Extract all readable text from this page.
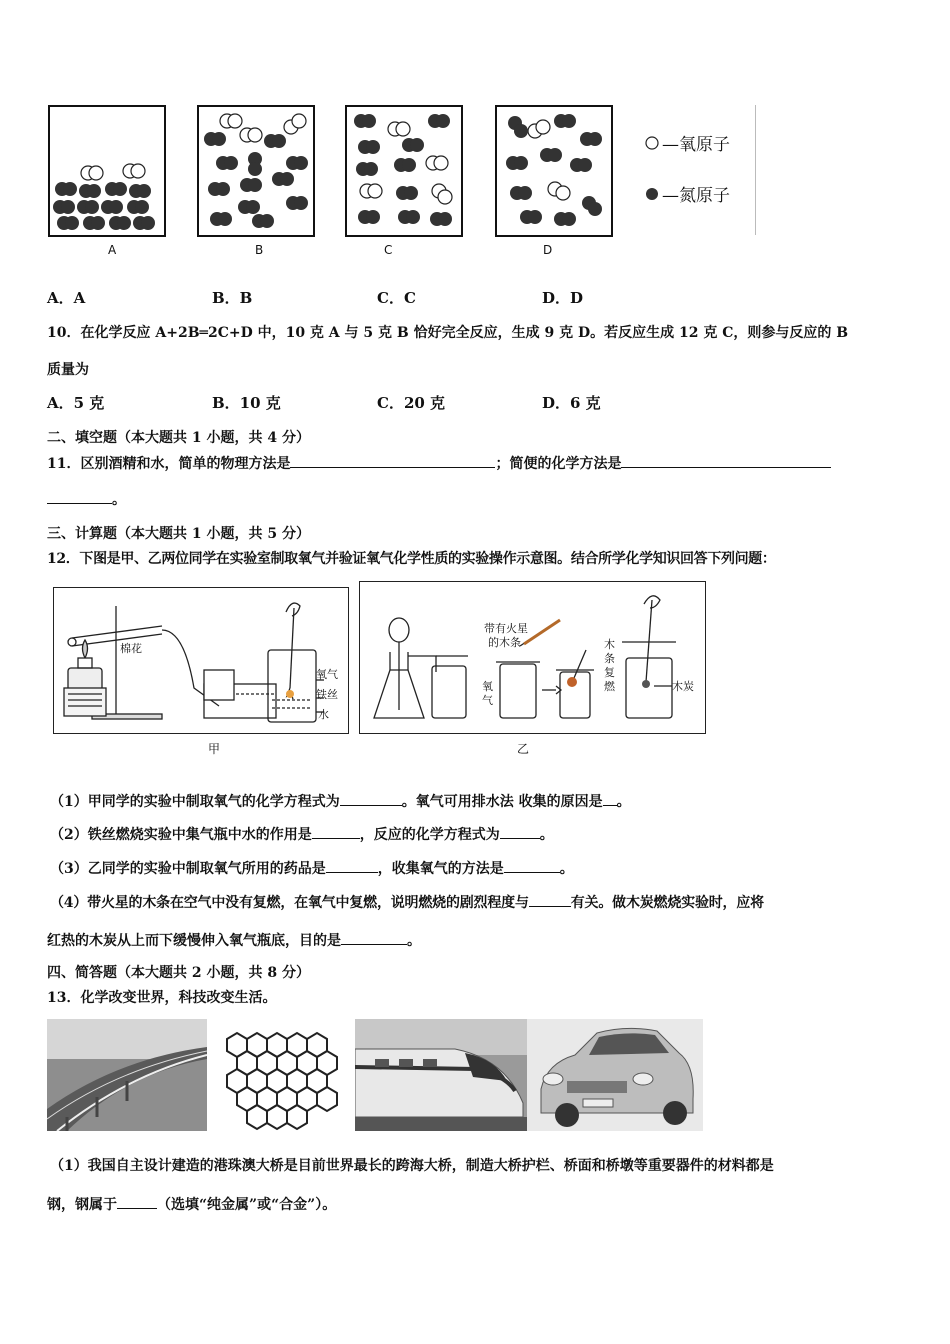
A	B	C	D
—氧原子
—氮原子
A．A	B．B	C．C	D．D
10．在化学反应 A+2B═2C+D 中，10 克 A 与 5 克 B 恰好完全反应，生成 9 克 D。若反应生成 12 克 C，则参与反应的 B
质量为
A．5 克	B．10 克	C．20 克	D．6 克
二、填空题（本大题共 1 小题，共 4 分）
11．区别酒精和水，简单的物理方法是	；简便的化学方法是
。
三、计算题（本大题共 1 小题，共 5 分）
12．下图是甲、乙两位同学在实验室制取氧气并验证氧气化学性质的实验操作示意图。结合所学化学知识回答下列问题：
棉花
氧气
铁丝
水
甲
带有火星
的木条
氧
气
木
条
复
燃	木炭
乙
（1）甲同学的实验中制取氧气的化学方程式为	。氧气可用排水法 收集的原因是 。
（2）铁丝燃烧实验中集气瓶中水的作用是	，反应的化学方程式为	。
（3）乙同学的实验中制取氧气所用的药品是	，收集氧气的方法是	。
（4）带火星的木条在空气中没有复燃，在氧气中复燃，说明燃烧的剧烈程度与	有关。做木炭燃烧实验时，应将
红热的木炭从上而下缓慢伸入氧气瓶底，目的是	。
四、简答题（本大题共 2 小题，共 8 分）
13．化学改变世界，科技改变生活。
（1）我国自主设计建造的港珠澳大桥是目前世界最长的跨海大桥，制造大桥护栏、桥面和桥墩等重要器件的材料都是
钢，钢属于	（选填“纯金属”或“合金”）。
